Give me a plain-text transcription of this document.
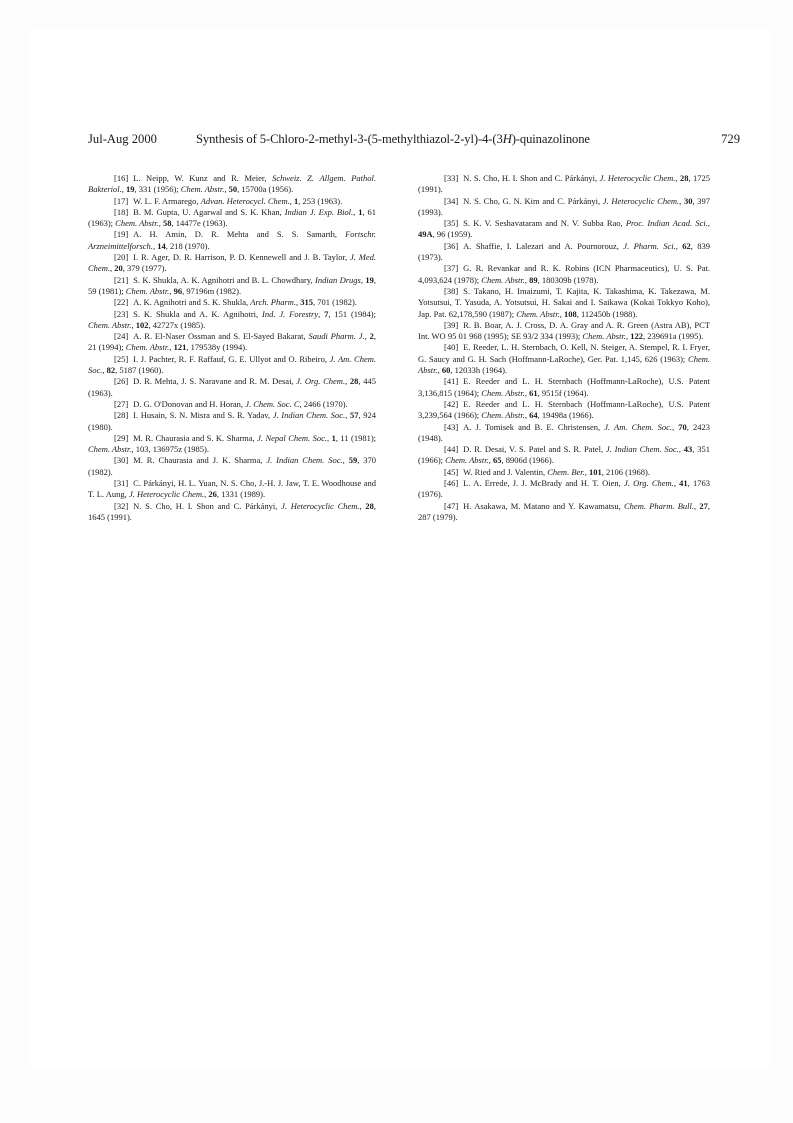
Jul-Aug 2000	Synthesis of 5-Chloro-2-methyl-3-(5-methylthiazol-2-yl)-4-(3H)-quinazolinone	729

[16] L. Neipp, W. Kunz and R. Meier, Schweiz. Z. Allgem. Pathol. Bakteriol., 19, 331 (1956); Chem. Abstr., 50, 15700a (1956).

[17] W. L. F. Armarego, Advan. Heterocycl. Chem., 1, 253 (1963).

[18] B. M. Gupta, U. Agarwal and S. K. Khan, Indian J. Exp. Biol., 1, 61 (1963); Chem. Abstr., 58, 14477e (1963).

[19] A. H. Amin, D. R. Mehta and S. S. Samarth, Fortschr. Arzneimittelforsch., 14, 218 (1970).

[20] I. R. Ager, D. R. Harrison, P. D. Kennewell and J. B. Taylor, J. Med. Chem., 20, 379 (1977).

[21] S. K. Shukla, A. K. Agnihotri and B. L. Chowdhary, Indian Drugs, 19, 59 (1981); Chem. Abstr., 96, 97196m (1982).

[22] A. K. Agnihotri and S. K. Shukla, Arch. Pharm., 315, 701 (1982).

[23] S. K. Shukla and A. K. Agnihotri, Ind. J. Forestry, 7, 151 (1984); Chem. Abstr., 102, 42727x (1985).

[24] A. R. El-Naser Ossman and S. El-Sayed Bakarat, Saudi Pharm. J., 2, 21 (1994); Chem. Abstr., 121, 179538y (1994).

[25] I. J. Pachter, R. F. Raffauf, G. E. Ullyot and O. Ribeiro, J. Am. Chem. Soc., 82, 5187 (1960).

[26] D. R. Mehta, J. S. Naravane and R. M. Desai, J. Org. Chem., 28, 445 (1963).

[27] D. G. O'Donovan and H. Horan, J. Chem. Soc. C, 2466 (1970).

[28] I. Husain, S. N. Misra and S. R. Yadav, J. Indian Chem. Soc., 57, 924 (1980).

[29] M. R. Chaurasia and S. K. Sharma, J. Nepal Chem. Soc., 1, 11 (1981); Chem. Abstr., 103, 136975z (1985).

[30] M. R. Chaurasia and J. K. Sharma, J. Indian Chem. Soc., 59, 370 (1982).

[31] C. Párkányi, H. L. Yuan, N. S. Cho, J.-H. J. Jaw, T. E. Woodhouse and T. L. Aung, J. Heterocyclic Chem., 26, 1331 (1989).

[32] N. S. Cho, H. I. Shon and C. Párkányi, J. Heterocyclic Chem., 28, 1645 (1991).

[33] N. S. Cho, H. I. Shon and C. Párkányi, J. Heterocyclic Chem., 28, 1725 (1991).

[34] N. S. Cho, G. N. Kim and C. Párkányi, J. Heterocyclic Chem., 30, 397 (1993).

[35] S. K. V. Seshavataram and N. V. Subba Rao, Proc. Indian Acad. Sci., 49A, 96 (1959).

[36] A. Shaffie, I. Lalezari and A. Pournorouz, J. Pharm. Sci., 62, 839 (1973).

[37] G. R. Revankar and R. K. Robins (ICN Pharmaceutics), U. S. Pat. 4,093,624 (1978); Chem. Abstr., 89, 180309b (1978).

[38] S. Takano, H. Imaizumi, T. Kajita, K. Takashima, K. Takezawa, M. Yotsutsui, T. Yasuda, A. Yotsutsui, H. Sakai and I. Saikawa (Kokai Tokkyo Koho), Jap. Pat. 62,178,590 (1987); Chem. Abstr., 108, 112450b (1988).

[39] R. B. Boar, A. J. Cross, D. A. Gray and A. R. Green (Astra AB), PCT Int. WO 95 01 968 (1995); SE 93/2 334 (1993); Chem. Abstr., 122, 239691a (1995).

[40] E. Reeder, L. H. Sternbach, O. Kell, N. Steiger, A. Stempel, R. I. Fryer, G. Saucy and G. H. Sach (Hoffmann-LaRoche), Ger. Pat. 1,145, 626 (1963); Chem. Abstr., 60, 12033h (1964).

[41] E. Reeder and L. H. Sternbach (Hoffmann-LaRoche), U.S. Patent 3,136,815 (1964); Chem. Abstr., 61, 9515f (1964).

[42] E. Reeder and L. H. Sternbach (Hoffmann-LaRoche), U.S. Patent 3,239,564 (1966); Chem. Abstr., 64, 19498a (1966).

[43] A. J. Tomisek and B. E. Christensen, J. Am. Chem. Soc., 70, 2423 (1948).

[44] D. R. Desai, V. S. Patel and S. R. Patel, J. Indian Chem. Soc., 43, 351 (1966); Chem. Abstr., 65, 8906d (1966).

[45] W. Ried and J. Valentin, Chem. Ber., 101, 2106 (1968).

[46] L. A. Errede, J. J. McBrady and H. T. Oien, J. Org. Chem., 41, 1763 (1976).

[47] H. Asakawa, M. Matano and Y. Kawamatsu, Chem. Pharm. Bull., 27, 287 (1979).
